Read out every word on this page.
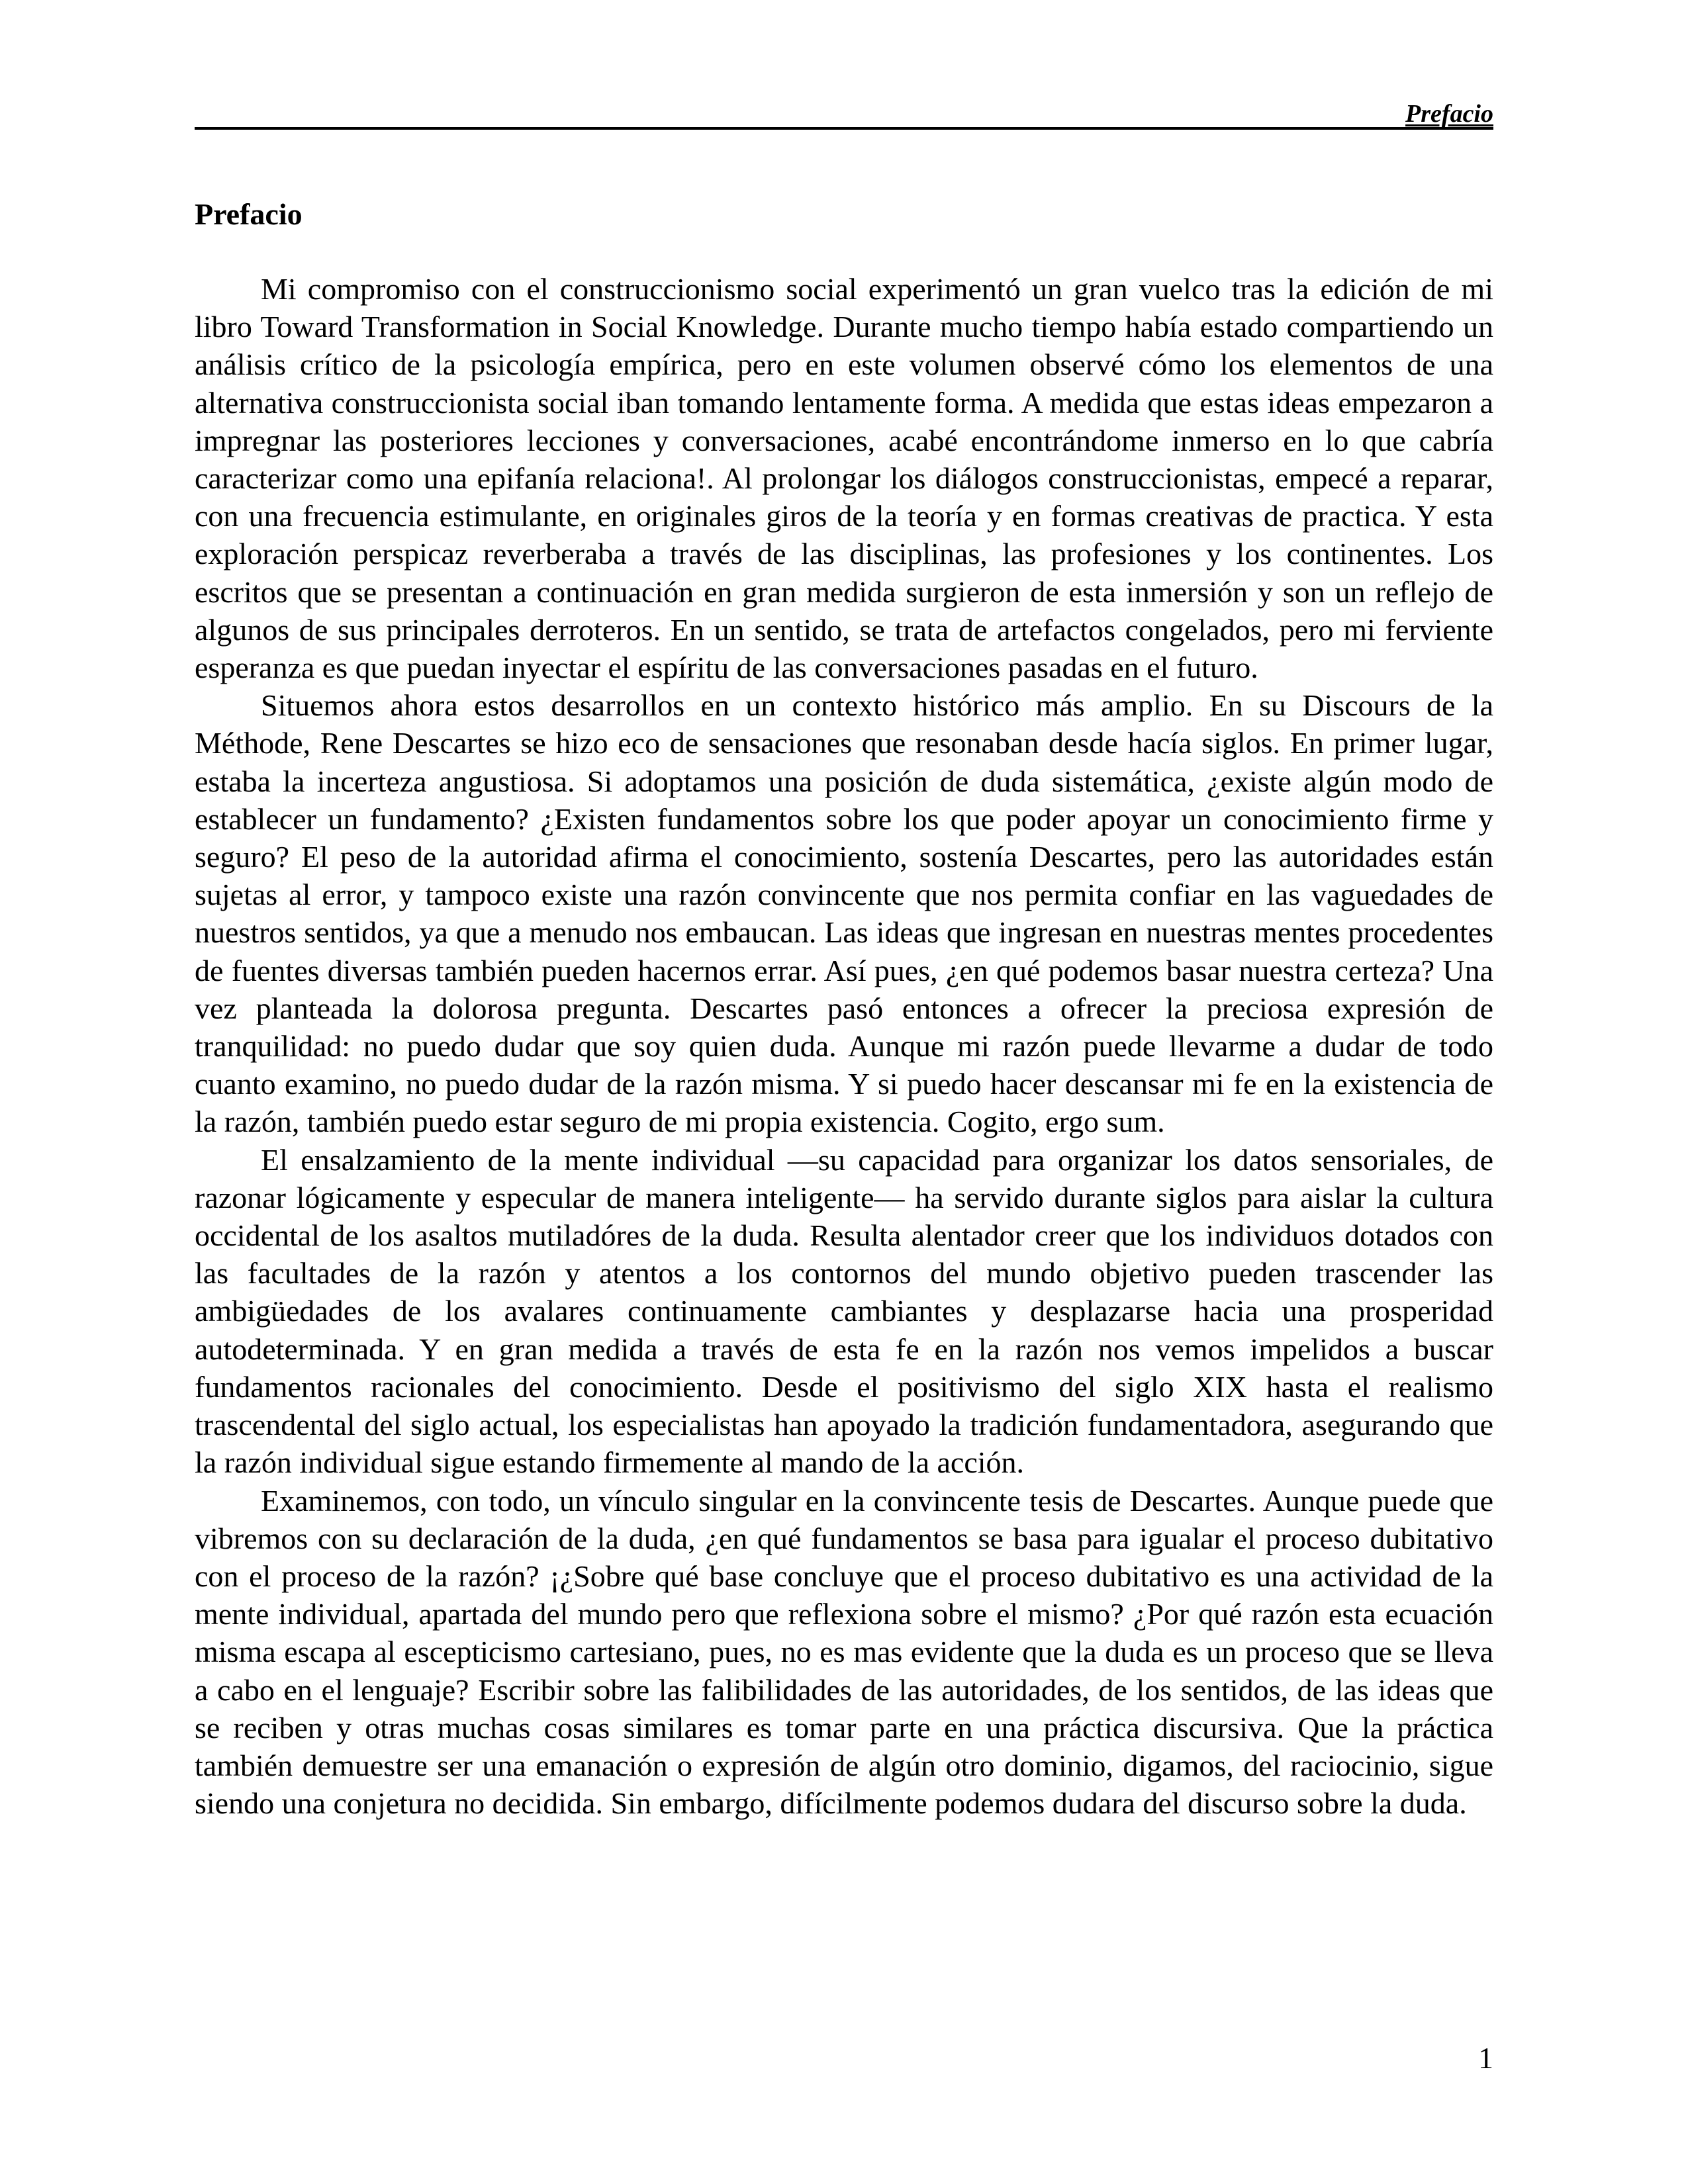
Prefacio
Prefacio

Mi compromiso con el construccionismo social experimentó un gran vuelco tras la edición de mi libro Toward Transformation in Social Knowledge. Durante mucho tiempo había estado compartiendo un análisis crítico de la psicología empírica, pero en este volumen observé cómo los elementos de una alternativa construccionista social iban tomando lentamente forma. A medida que estas ideas empezaron a impregnar las posteriores lecciones y conversaciones, acabé encontrándome inmerso en lo que cabría caracterizar como una epifanía relaciona!. Al prolongar los diálogos construccionistas, empecé a reparar, con una frecuencia estimulante, en originales giros de la teoría y en formas creativas de practica. Y esta exploración perspicaz reverberaba a través de las disciplinas, las profesiones y los continentes. Los escritos que se presentan a continuación en gran medida surgieron de esta inmersión y son un reflejo de algunos de sus principales derroteros. En un sentido, se trata de artefactos congelados, pero mi ferviente esperanza es que puedan inyectar el espíritu de las conversaciones pasadas en el futuro.

Situemos ahora estos desarrollos en un contexto histórico más amplio. En su Discours de la Méthode, Rene Descartes se hizo eco de sensaciones que resonaban desde hacía siglos. En primer lugar, estaba la incerteza angustiosa. Si adoptamos una posición de duda sistemática, ¿existe algún modo de establecer un fundamento? ¿Existen fundamentos sobre los que poder apoyar un conocimiento firme y seguro? El peso de la autoridad afirma el conocimiento, sostenía Descartes, pero las autoridades están sujetas al error, y tampoco existe una razón convincente que nos permita confiar en las vaguedades de nuestros sentidos, ya que a menudo nos embaucan. Las ideas que ingresan en nuestras mentes procedentes de fuentes diversas también pueden hacernos errar. Así pues, ¿en qué podemos basar nuestra certeza? Una vez planteada la dolorosa pregunta. Descartes pasó entonces a ofrecer la preciosa expresión de tranquilidad: no puedo dudar que soy quien duda. Aunque mi razón puede llevarme a dudar de todo cuanto examino, no puedo dudar de la razón misma. Y si puedo hacer descansar mi fe en la existencia de la razón, también puedo estar seguro de mi propia existencia. Cogito, ergo sum.

El ensalzamiento de la mente individual —su capacidad para organizar los datos sensoriales, de razonar lógicamente y especular de manera inteligente— ha servido durante siglos para aislar la cultura occidental de los asaltos mutiladóres de la duda. Resulta alentador creer que los individuos dotados con las facultades de la razón y atentos a los contornos del mundo objetivo pueden trascender las ambigüedades de los avalares continuamente cambiantes y desplazarse hacia una prosperidad autodeterminada. Y en gran medida a través de esta fe en la razón nos vemos impelidos a buscar fundamentos racionales del conocimiento. Desde el positivismo del siglo XIX hasta el realismo trascendental del siglo actual, los especialistas han apoyado la tradición fundamentadora, asegurando que la razón individual sigue estando firmemente al mando de la acción.

Examinemos, con todo, un vínculo singular en la convincente tesis de Descartes. Aunque puede que vibremos con su declaración de la duda, ¿en qué fundamentos se basa para igualar el proceso dubitativo con el proceso de la razón? ¡¿Sobre qué base concluye que el proceso dubitativo es una actividad de la mente individual, apartada del mundo pero que reflexiona sobre el mismo? ¿Por qué razón esta ecuación misma escapa al escepticismo cartesiano, pues, no es mas evidente que la duda es un proceso que se lleva a cabo en el lenguaje? Escribir sobre las falibilidades de las autoridades, de los sentidos, de las ideas que se reciben y otras muchas cosas similares es tomar parte en una práctica discursiva. Que la práctica también demuestre ser una emanación o expresión de algún otro dominio, digamos, del raciocinio, sigue siendo una conjetura no decidida. Sin embargo, difícilmente podemos dudara del discurso sobre la duda.

1
